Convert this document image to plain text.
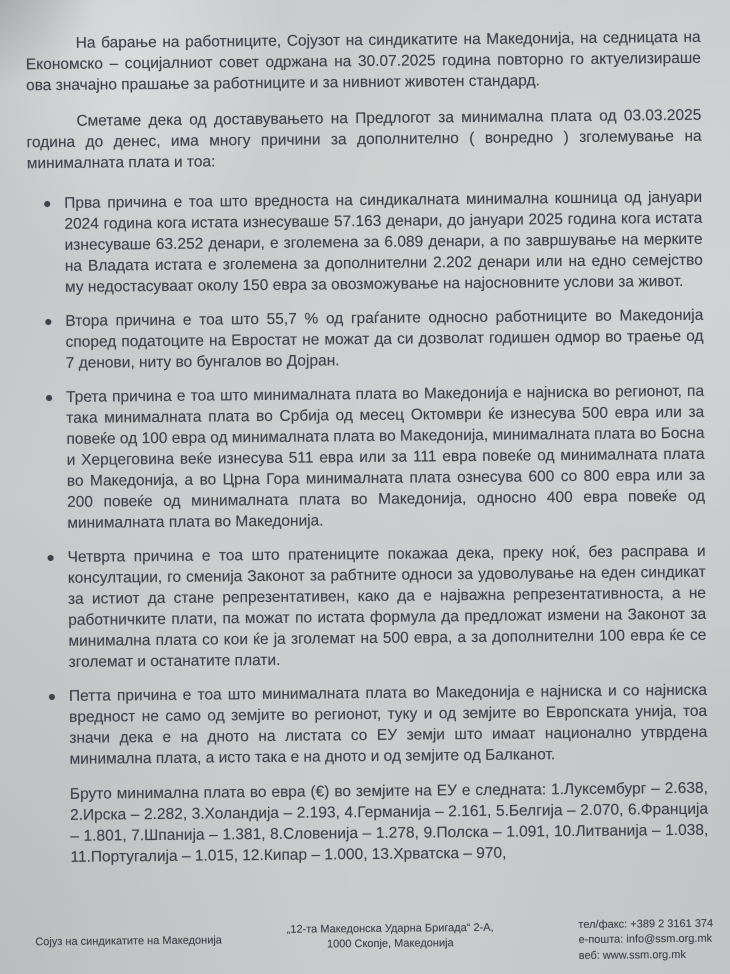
На барање на работниците, Сојузот на синдикатите на Македонија, на седницата на Економско – социјалниот совет одржана на 30.07.2025 година повторно го актуелизираше ова значајно прашање за работниците и за нивниот животен стандард.

Сметаме дека од доставувањето на Предлогот за минимална плата од 03.03.2025 година до денес, има многу причини за дополнително ( вонредно ) зголемување на минималната плата и тоа:

Прва причина е тоа што вредноста на синдикалната минимална кошница од јануари 2024 година кога истата изнесуваше 57.163 денари, до јануари 2025 година кога истата изнесуваше 63.252 денари, е зголемена за 6.089 денари, а по завршување на мерките на Владата истата е зголемена за дополнителни 2.202 денари или на едно семејство му недостасуваат околу 150 евра за овозможување на најосновните услови за живот.
Втора причина е тоа што 55,7 % од граѓаните односно работниците во Македонија според податоците на Евростат не можат да си дозволат годишен одмор во траење од 7 денови, ниту во бунгалов во Дојран.
Трета причина е тоа што минималната плата во Македонија е најниска во регионот, па така минималната плата во Србија од месец Октомври ќе изнесува 500 евра или за повеќе од 100 евра од минималната плата во Македонија, минималната плата во Босна и Херцеговина веќе изнесува 511 евра или за 111 евра повеќе од минималната плата во Македонија, а во Црна Гора минималната плата ознесува 600 со 800 евра или за 200 повеќе од минималната плата во Македонија, односно 400 евра повеќе од минималната плата во Македонија.
Четврта причина е тоа што пратениците покажаа дека, преку ноќ, без расправа и консултации, го сменија Законот за рабтните односи за удоволување на еден синдикат за истиот да стане репрезентативен, како да е најважна репрезентативноста, а не работничките плати, па можат по истата формула да предложат измени на Законот за минимална плата со кои ќе ја зголемат на 500 евра, а за дополнителни 100 евра ќе се зголемат и останатите плати.
Петта причина е тоа што минималната плата во Македонија е најниска и со најниска вредност не само од земјите во регионот, туку и од земјите во Европската унија, тоа значи дека е на дното на листата со ЕУ земји што имаат национално утврдена минимална плата, а исто така е на дното и од земјите од Балканот.

Бруто минимална плата во евра (€) во земјите на ЕУ е следната: 1.Луксембург – 2.638, 2.Ирска – 2.282, 3.Холандија – 2.193, 4.Германија – 2.161, 5.Белгија – 2.070, 6.Франција – 1.801, 7.Шпанија – 1.381, 8.Словенија – 1.278, 9.Полска – 1.091, 10.Литванија – 1.038, 11.Португалија – 1.015, 12.Кипар – 1.000, 13.Хрватска – 970,

Сојуз на синдикатите на Македонија
„12-та Македонска Ударна Бригада“ 2-А,
1000 Скопје, Македонија
тел/факс: +389 2 3161 374
е-пошта: info@ssm.org.mk
веб: www.ssm.org.mk
